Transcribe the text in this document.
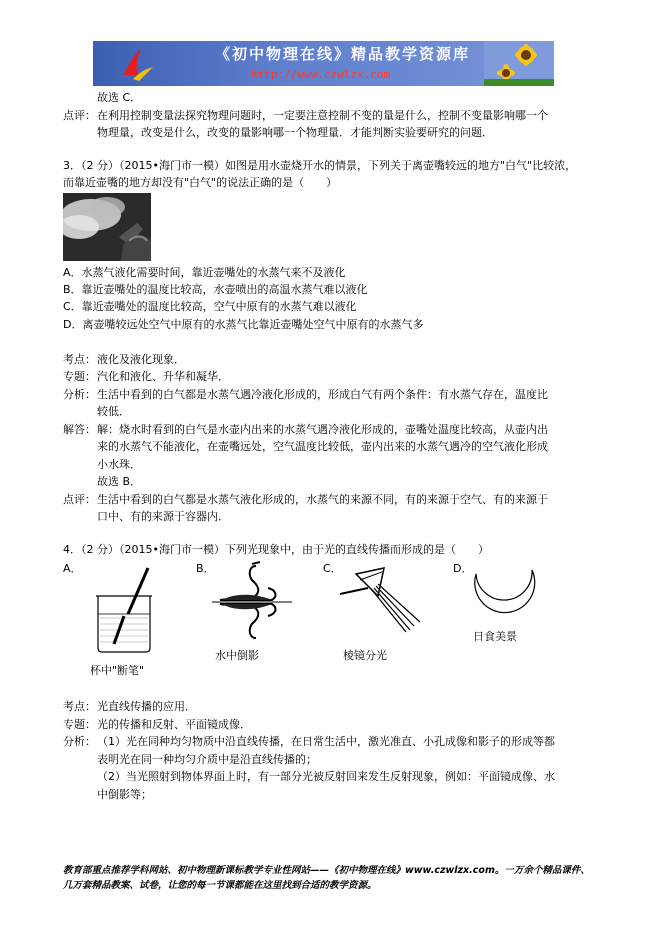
《初中物理在线》精品教学资源库
http://www.czwlzx.com
故选 C．
点评： 在利用控制变量法探究物理问题时，一定要注意控制不变的量是什么，控制不变量影响哪一个
物理量，改变是什么，改变的量影响哪一个物理量．才能判断实验要研究的问题．
3．（2 分）（2015•海门市一模）如图是用水壶烧开水的情景，下列关于离壶嘴较远的地方"白气"比较浓，
而靠近壶嘴的地方却没有"白气"的说法正确的是（　　）
A．水蒸气液化需要时间，靠近壶嘴处的水蒸气来不及液化
B．靠近壶嘴处的温度比较高，水壶喷出的高温水蒸气难以液化
C．靠近壶嘴处的温度比较高，空气中原有的水蒸气难以液化
D．离壶嘴较远处空气中原有的水蒸气比靠近壶嘴处空气中原有的水蒸气多
考点： 液化及液化现象．
专题： 汽化和液化、升华和凝华．
分析： 生活中看到的白气都是水蒸气遇冷液化形成的，形成白气有两个条件：有水蒸气存在，温度比
较低．
解答： 解：烧水时看到的白气是水壶内出来的水蒸气遇冷液化形成的，壶嘴处温度比较高，从壶内出
来的水蒸气不能液化，在壶嘴远处，空气温度比较低，壶内出来的水蒸气遇冷的空气液化形成
小水珠．
故选 B．
点评： 生活中看到的白气都是水蒸气液化形成的，水蒸气的来源不同，有的来源于空气、有的来源于
口中、有的来源于容器内．
4．（2 分）（2015•海门市一模）下列光现象中，由于光的直线传播而形成的是（　　）
A．	B．	C．	D．
杯中"断笔"
水中倒影	棱镜分光
日食美景
考点： 光直线传播的应用．
专题： 光的传播和反射、平面镜成像．
分析： （1）光在同种均匀物质中沿直线传播，在日常生活中，激光准直、小孔成像和影子的形成等都
表明光在同一种均匀介质中是沿直线传播的；
（2）当光照射到物体界面上时，有一部分光被反射回来发生反射现象，例如：平面镜成像、水
中倒影等；
教育部重点推荐学科网站、初中物理新课标教学专业性网站——《初中物理在线》www.czwlzx.com。一万余个精品课件、
几万套精品教案、试卷，让您的每一节课都能在这里找到合适的教学资源。
